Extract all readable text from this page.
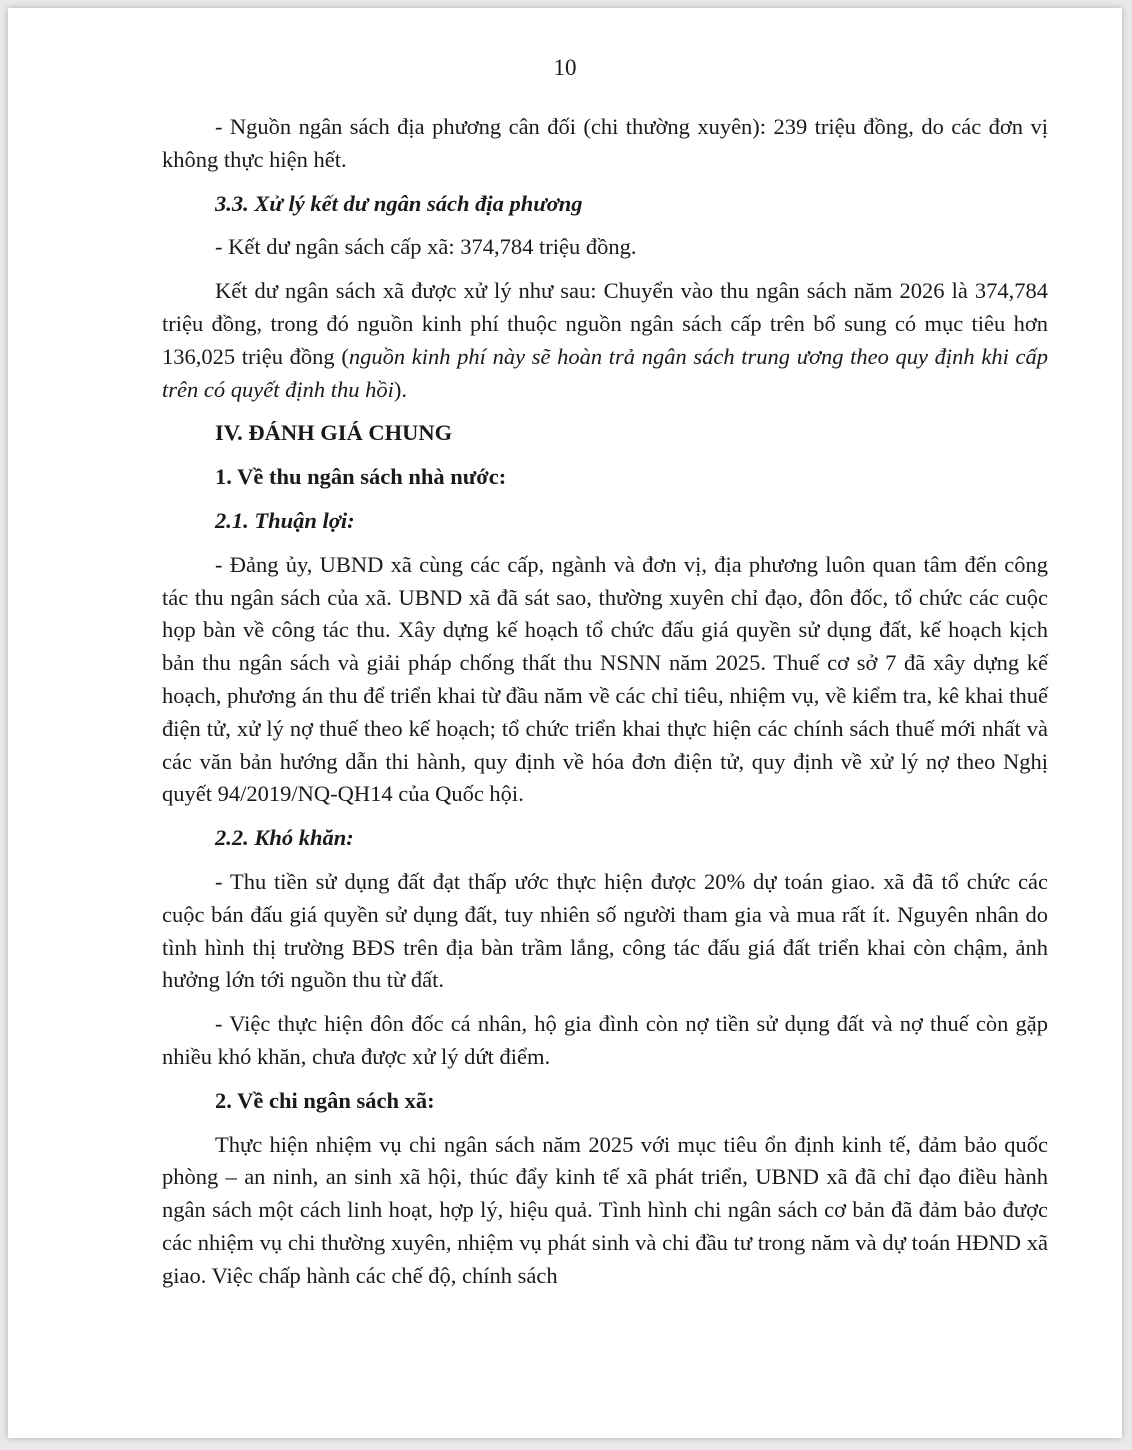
10

- Nguồn ngân sách địa phương cân đối (chi thường xuyên): 239 triệu đồng, do các đơn vị không thực hiện hết.

3.3. Xử lý kết dư ngân sách địa phương

- Kết dư ngân sách cấp xã: 374,784 triệu đồng.

Kết dư ngân sách xã được xử lý như sau: Chuyển vào thu ngân sách năm 2026 là 374,784 triệu đồng, trong đó nguồn kinh phí thuộc nguồn ngân sách cấp trên bổ sung có mục tiêu hơn 136,025 triệu đồng (nguồn kinh phí này sẽ hoàn trả ngân sách trung ương theo quy định khi cấp trên có quyết định thu hồi).

IV. ĐÁNH GIÁ CHUNG

1. Về thu ngân sách nhà nước:

2.1. Thuận lợi:

- Đảng ủy, UBND xã cùng các cấp, ngành và đơn vị, địa phương luôn quan tâm đến công tác thu ngân sách của xã. UBND xã đã sát sao, thường xuyên chỉ đạo, đôn đốc, tổ chức các cuộc họp bàn về công tác thu. Xây dựng kế hoạch tổ chức đấu giá quyền sử dụng đất, kế hoạch kịch bản thu ngân sách và giải pháp chống thất thu NSNN năm 2025. Thuế cơ sở 7 đã xây dựng kế hoạch, phương án thu để triển khai từ đầu năm về các chỉ tiêu, nhiệm vụ, về kiểm tra, kê khai thuế điện tử, xử lý nợ thuế theo kế hoạch; tổ chức triển khai thực hiện các chính sách thuế mới nhất và các văn bản hướng dẫn thi hành, quy định về hóa đơn điện tử, quy định về xử lý nợ theo Nghị quyết 94/2019/NQ-QH14 của Quốc hội.

2.2. Khó khăn:

- Thu tiền sử dụng đất đạt thấp ước thực hiện được 20% dự toán giao. xã đã tổ chức các cuộc bán đấu giá quyền sử dụng đất, tuy nhiên số người tham gia và mua rất ít. Nguyên nhân do tình hình thị trường BĐS trên địa bàn trầm lắng, công tác đấu giá đất triển khai còn chậm, ảnh hưởng lớn tới nguồn thu từ đất.

- Việc thực hiện đôn đốc cá nhân, hộ gia đình còn nợ tiền sử dụng đất và nợ thuế còn gặp nhiều khó khăn, chưa được xử lý dứt điểm.

2. Về chi ngân sách xã:

Thực hiện nhiệm vụ chi ngân sách năm 2025 với mục tiêu ổn định kinh tế, đảm bảo quốc phòng – an ninh, an sinh xã hội, thúc đẩy kinh tế xã phát triển, UBND xã đã chỉ đạo điều hành ngân sách một cách linh hoạt, hợp lý, hiệu quả. Tình hình chi ngân sách cơ bản đã đảm bảo được các nhiệm vụ chi thường xuyên, nhiệm vụ phát sinh và chi đầu tư trong năm và dự toán HĐND xã giao. Việc chấp hành các chế độ, chính sách
